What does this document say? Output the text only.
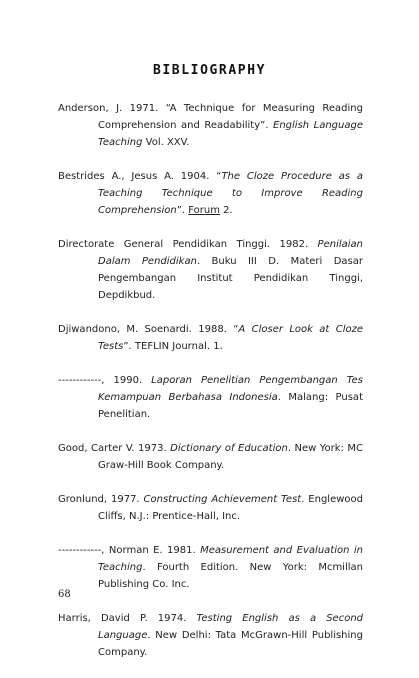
BIBLIOGRAPHY

Anderson, J. 1971. “A Technique for Measuring Reading Comprehension and Readability”. English Language Teaching Vol. XXV.

Bestrides A., Jesus A. 1904. “The Cloze Procedure as a Teaching Technique to Improve Reading Comprehension”. Forum 2.

Directorate General Pendidikan Tinggi. 1982. Penilaian Dalam Pendidikan. Buku III D. Materi Dasar Pengembangan Institut Pendidikan Tinggi, Depdikbud.

Djiwandono, M. Soenardi. 1988. “A Closer Look at Cloze Tests”. TEFLIN Journal. 1.

------------, 1990. Laporan Penelitian Pengembangan Tes Kemampuan Berbahasa Indonesia. Malang: Pusat Penelitian.

Good, Carter V. 1973. Dictionary of Education. New York: MC Graw-Hill Book Company.

Gronlund, 1977. Constructing Achievement Test. Englewood Cliffs, N.J.: Prentice-Hall, Inc.

------------, Norman E. 1981. Measurement and Evaluation in Teaching. Fourth Edition. New York: Mcmillan Publishing Co. Inc.

Harris, David P. 1974. Testing English as a Second Language. New Delhi: Tata McGrawn-Hill Publishing Company.

68
